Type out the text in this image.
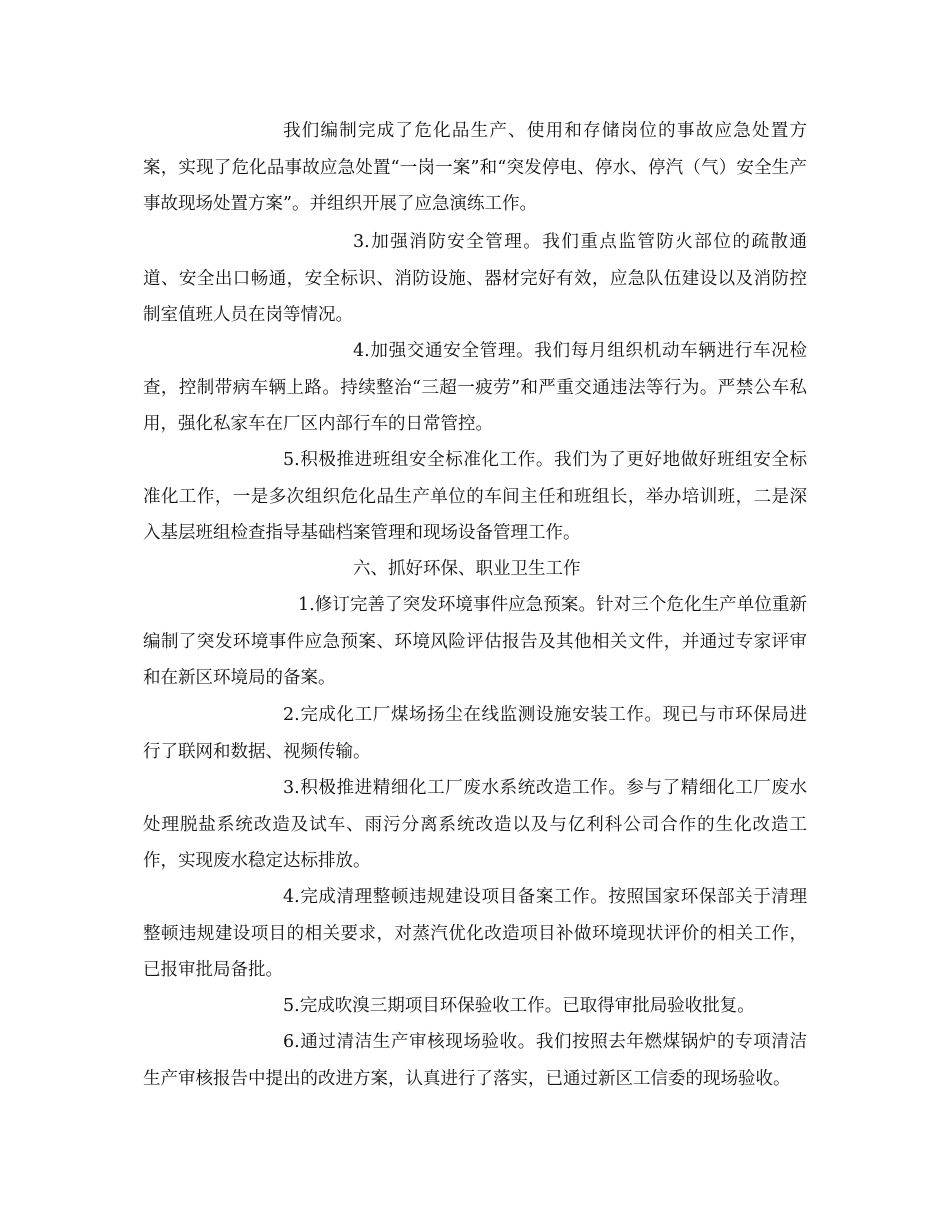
我们编制完成了危化品生产、使用和存储岗位的事故应急处置方案，实现了危化品事故应急处置“一岗一案”和“突发停电、停水、停汽（气）安全生产事故现场处置方案”。并组织开展了应急演练工作。

3.加强消防安全管理。我们重点监管防火部位的疏散通道、安全出口畅通，安全标识、消防设施、器材完好有效，应急队伍建设以及消防控制室值班人员在岗等情况。

4.加强交通安全管理。我们每月组织机动车辆进行车况检查，控制带病车辆上路。持续整治“三超一疲劳”和严重交通违法等行为。严禁公车私用，强化私家车在厂区内部行车的日常管控。

5.积极推进班组安全标准化工作。我们为了更好地做好班组安全标准化工作，一是多次组织危化品生产单位的车间主任和班组长，举办培训班，二是深入基层班组检查指导基础档案管理和现场设备管理工作。

六、抓好环保、职业卫生工作

1.修订完善了突发环境事件应急预案。针对三个危化生产单位重新编制了突发环境事件应急预案、环境风险评估报告及其他相关文件，并通过专家评审和在新区环境局的备案。

2.完成化工厂煤场扬尘在线监测设施安装工作。现已与市环保局进行了联网和数据、视频传输。

3.积极推进精细化工厂废水系统改造工作。参与了精细化工厂废水处理脱盐系统改造及试车、雨污分离系统改造以及与亿利科公司合作的生化改造工作，实现废水稳定达标排放。

4.完成清理整顿违规建设项目备案工作。按照国家环保部关于清理整顿违规建设项目的相关要求，对蒸汽优化改造项目补做环境现状评价的相关工作，已报审批局备批。

5.完成吹溴三期项目环保验收工作。已取得审批局验收批复。

6.通过清洁生产审核现场验收。我们按照去年燃煤锅炉的专项清洁生产审核报告中提出的改进方案，认真进行了落实，已通过新区工信委的现场验收。
